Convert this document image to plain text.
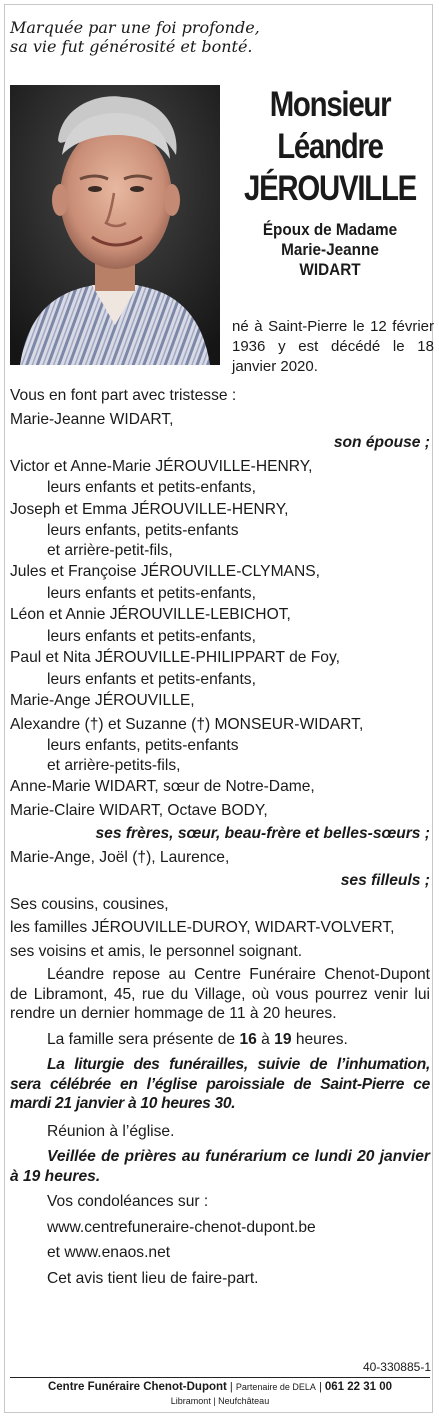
Marquée par une foi profonde,
sa vie fut générosité et bonté.
Monsieur
Léandre
JÉROUVILLE
Époux de Madame
Marie-Jeanne
WIDART
né à Saint-Pierre le 12 février 1936 y est décédé le 18 janvier 2020.
Vous en font part avec tristesse :
Marie-Jeanne WIDART,
son épouse ;
Victor et Anne-Marie JÉROUVILLE-HENRY,
leurs enfants et petits-enfants,
Joseph et Emma JÉROUVILLE-HENRY,
leurs enfants, petits-enfants
et arrière-petit-fils,
Jules et Françoise JÉROUVILLE-CLYMANS,
leurs enfants et petits-enfants,
Léon et Annie JÉROUVILLE-LEBICHOT,
leurs enfants et petits-enfants,
Paul et Nita JÉROUVILLE-PHILIPPART de Foy,
leurs enfants et petits-enfants,
Marie-Ange JÉROUVILLE,
Alexandre (†) et Suzanne (†) MONSEUR-WIDART,
leurs enfants, petits-enfants
et arrière-petits-fils,
Anne-Marie WIDART, sœur de Notre-Dame,
Marie-Claire WIDART, Octave BODY,
ses frères, sœur, beau-frère et belles-sœurs ;
Marie-Ange, Joël (†), Laurence,
ses filleuls ;
Ses cousins, cousines,
les familles JÉROUVILLE-DUROY, WIDART-VOLVERT,
ses voisins et amis, le personnel soignant.
Léandre repose au Centre Funéraire Chenot-Dupont de Libramont, 45, rue du Village, où vous pourrez venir lui rendre un dernier hommage de 11 à 20 heures.
La famille sera présente de 16 à 19 heures.
La liturgie des funérailles, suivie de l’inhumation, sera célébrée en l’église paroissiale de Saint-Pierre ce mardi 21 janvier à 10 heures 30.
Réunion à l’église.
Veillée de prières au funérarium ce lundi 20 janvier à 19 heures.
Vos condoléances sur :
www.centrefuneraire-chenot-dupont.be
et www.enaos.net
Cet avis tient lieu de faire-part.
40-330885-1
Centre Funéraire Chenot-Dupont | Partenaire de DELA | 061 22 31 00
Libramont | Neufchâteau
